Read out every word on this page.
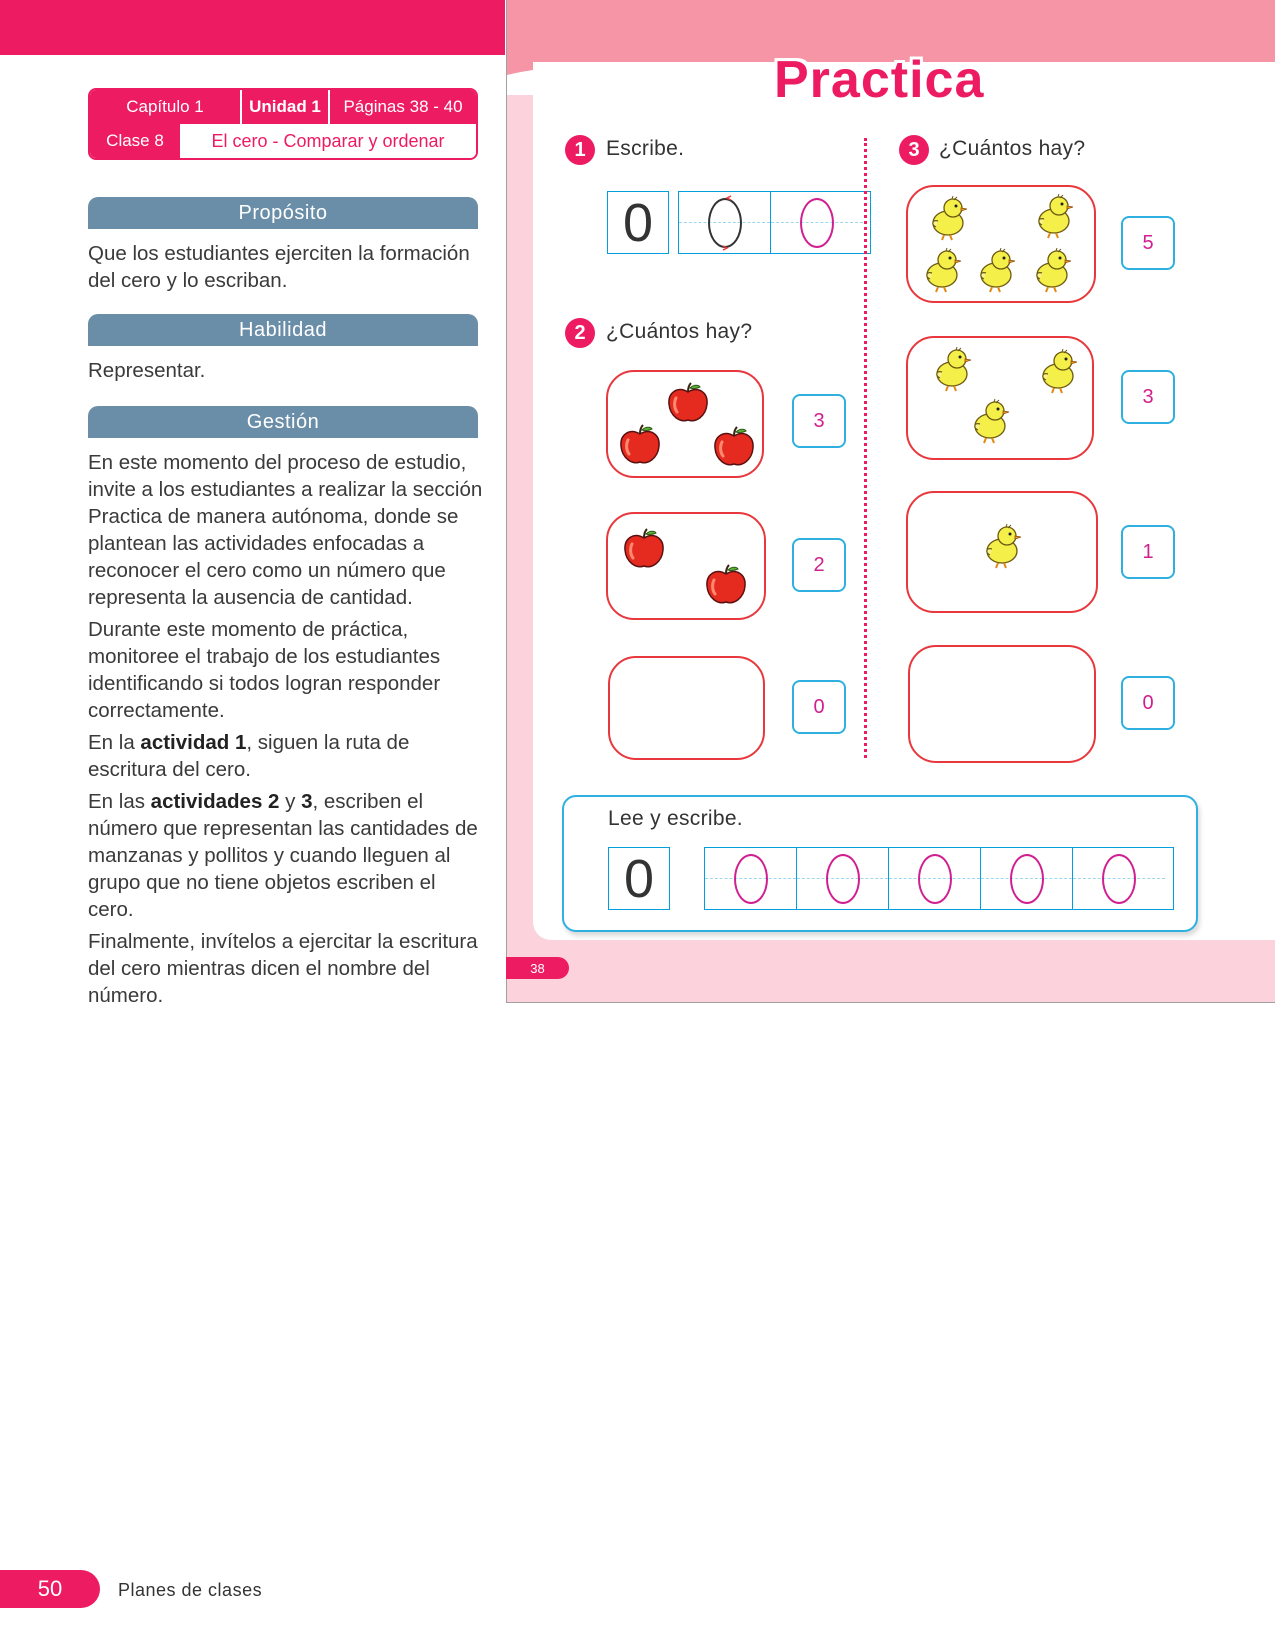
Capítulo 1	Unidad 1	Páginas 38 - 40
Clase 8	El cero - Comparar y ordenar
Propósito

Que los estudiantes ejerciten la formación del cero y lo escriban.

Habilidad

Representar.

Gestión

En este momento del proceso de estudio, invite a los estudiantes a realizar la sección Practica de manera autónoma, donde se plantean las actividades enfocadas a reconocer el cero como un número que representa la ausencia de cantidad.

Durante este momento de práctica, monitoree el trabajo de los estudiantes identificando si todos logran responder correctamente.

En la actividad 1, siguen la ruta de escritura del cero.

En las actividades 2 y 3, escriben el número que representan las cantidades de manzanas y pollitos y cuando lleguen al grupo que no tiene objetos escriben el cero.

Finalmente, invítelos a ejercitar la escritura del cero mientras dicen el nombre del número.

Practica
1 Escribe.
0
2 ¿Cuántos hay?
3
2
0
3 ¿Cuántos hay?
5
3
1
0
Lee y escribe.
0
38
50	Planes de clases
